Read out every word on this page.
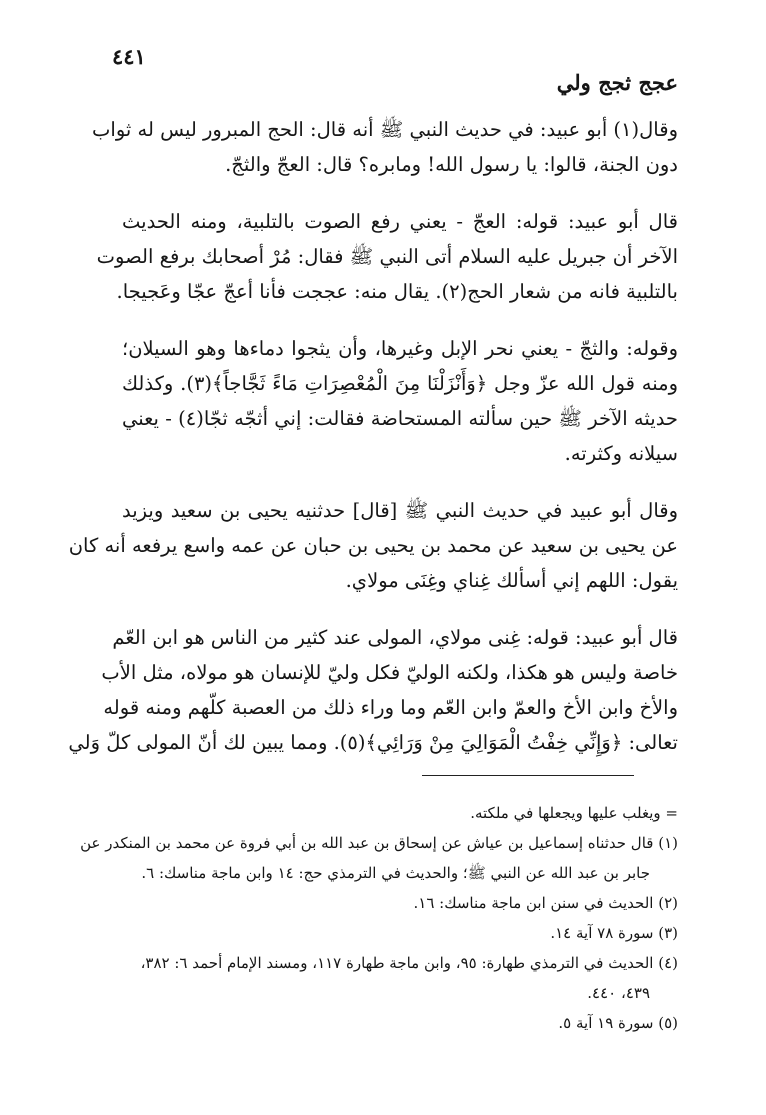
٤٤١
عجج ثجج ولي

وقال(١) أبو عبيد: في حديث النبي ﷺ أنه قال: الحج المبرور ليس له ثواب
دون الجنة، قالوا: يا رسول الله! ومابره؟ قال: العجّ والثجّ.

قال أبو عبيد: قوله: العجّ - يعني رفع الصوت بالتلبية، ومنه الحديث
الآخر أن جبريل عليه السلام أتى النبي ﷺ فقال: مُرْ أصحابك برفع الصوت
بالتلبية فانه من شعار الحج(٢). يقال منه: عججت فأنا أعجّ عجّا وعَجيجا.

وقوله: والثجّ - يعني نحر الإبل وغيرها، وأن يثجوا دماءها وهو السيلان؛
ومنه قول الله عزّ وجل ﴿وَأَنْزَلْنَا مِنَ الْمُعْصِرَاتِ مَاءً ثَجَّاجاً﴾(٣). وكذلك
حديثه الآخر ﷺ حين سألته المستحاضة فقالت: إني أثجّه ثجّا(٤) - يعني
سيلانه وكثرته.

وقال أبو عبيد في حديث النبي ﷺ [قال] حدثنيه يحيى بن سعيد ويزيد
عن يحيى بن سعيد عن محمد بن يحيى بن حبان عن عمه واسع يرفعه أنه كان
يقول: اللهم إني أسألك غِناي وغِنَى مولاي.

قال أبو عبيد: قوله: غِنى مولاي، المولى عند كثير من الناس هو ابن العّم
خاصة وليس هو هكذا، ولكنه الوليّ فكل وليّ للإنسان هو مولاه، مثل الأب
والأخ وابن الأخ والعمّ وابن العّم وما وراء ذلك من العصبة كلّهم ومنه قوله
تعالى: ﴿وَإِنِّي خِفْتُ الْمَوَالِيَ مِنْ وَرَائِي﴾(٥). ومما يبين لك أنّ المولى كلّ وَلي

= ويغلب عليها ويجعلها في ملكته.
(١) قال حدثناه إسماعيل بن عياش عن إسحاق بن عبد الله بن أبي فروة عن محمد بن المنكدر عن
جابر بن عبد الله عن النبي ﷺ؛ والحديث في الترمذي حج: ١٤ وابن ماجة مناسك: ٦.
(٢) الحديث في سنن ابن ماجة مناسك: ١٦.
(٣) سورة ٧٨ آية ١٤.
(٤) الحديث في الترمذي طهارة: ٩٥، وابن ماجة طهارة ١١٧، ومسند الإمام أحمد ٦: ٣٨٢،
٤٣٩، ٤٤٠.
(٥) سورة ١٩ آية ٥.
